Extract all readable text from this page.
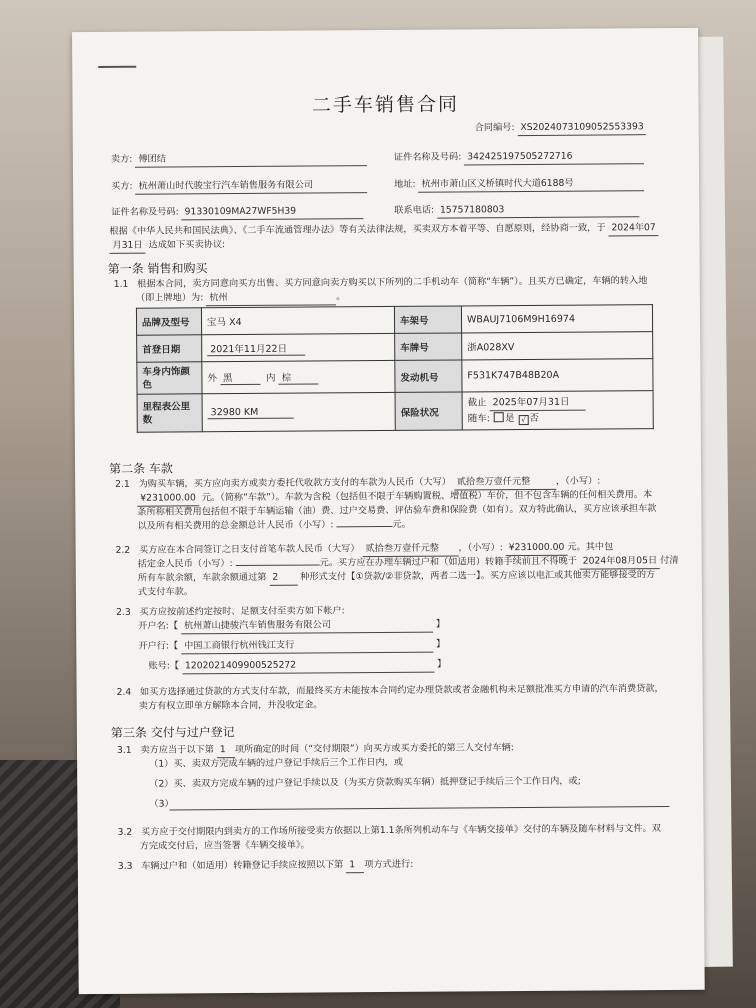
二手车销售合同
合同编号: XS20240731090525533​93
卖方: 傅团结	证件名称及号码: 342425197505272716
买方: 杭州萧山时代骏宝行汽车销售服务有限公司	地址: 杭州市萧山区义桥镇时代大道6188号
证件名称及号码: 91330109MA27WF5H39	联系电话: 15757180803
根据《中华人民共和国民法典》、《二手车流通管理办法》等有关法律法规，买卖双方本着平等、自愿原则，经协商一致，于 2024年07
月31日 达成如下买卖协议:
第一条 销售和购买
1.1 根据本合同，卖方同意向买方出售、买方同意向卖方购买以下所列的二手机动车（简称“车辆”）。且买方已确定，车辆的转入地
（即上牌地）为: 杭州	。
品牌及型号	宝马 X4	车架号	WBAUJ7106M9H16974
首登日期	2021年11月22日	车牌号	浙A028XV
车身内饰颜色	外 黑 内 棕	发动机号	F531K747B48B20A
里程表公里数	32980 KM	保险状况	截止 2025年07月31日
随车: 是 √ 否
第二条 车款
2.1 为购买车辆，买方应向卖方或卖方委托代收款方支付的车款为人民币（大写） 贰拾叁万壹仟元整	，（小写）:
¥231000.00 元。（简称“车款”）。车款为含税（包括但不限于车辆购置税、增值税）车价，但不包含车辆的任何相关费用。本
条所称相关费用包括但不限于车辆运输（油）费、过户交易费、评估验车费和保险费（如有）。双方特此确认，买方应该承担车款
以及所有相关费用的总金额总计人民币（小写）:	元。
2.2 买方应在本合同签订之日支付首笔车款人民币（大写） 贰拾叁万壹仟元整 ，（小写）: ¥231000.00 元。其中包
括定金人民币（小写）:	元。买方应在办理车辆过户和（如适用）转籍手续前且不得晚于 2024年08月05日 付清
所有车款余额，车款余额通过第 2 种形式支付【①贷款/②非贷款，两者二选一】。买方应该以电汇或其他卖方能够接受的方
式支付车款。
2.3 买方应按前述约定按时、足额支付至卖方如下帐户:
开户名:【 杭州萧山捷骏汽车销售服务有限公司	】
开户行:【 中国工商银行杭州钱江支行	】
账号:【 1202021409900525272	】
2.4 如买方选择通过贷款的方式支付车款，而最终买方未能按本合同约定办理贷款或者金融机构未足额批准买方申请的汽车消费贷款，
卖方有权立即单方解除本合同，并没收定金。
第三条 交付与过户登记
3.1 卖方应当于以下第 1 项所确定的时间（“交付期限”）向买方或买方委托的第三人交付车辆:
（1）买、卖双方完成车辆的过户登记手续后三个工作日内，或
（2）买、卖双方完成车辆的过户登记手续以及（为买方贷款购买车辆）抵押登记手续后三个工作日内，或;
（3）
3.2 买方应于交付期限内到卖方的工作场所接受卖方依据以上第1.1条所列机动车与《车辆交接单》交付的车辆及随车材料与文件。双
方完成交付后，应当签署《车辆交接单》。
3.3 车辆过户和（如适用）转籍登记手续应按照以下第 1 项方式进行:
